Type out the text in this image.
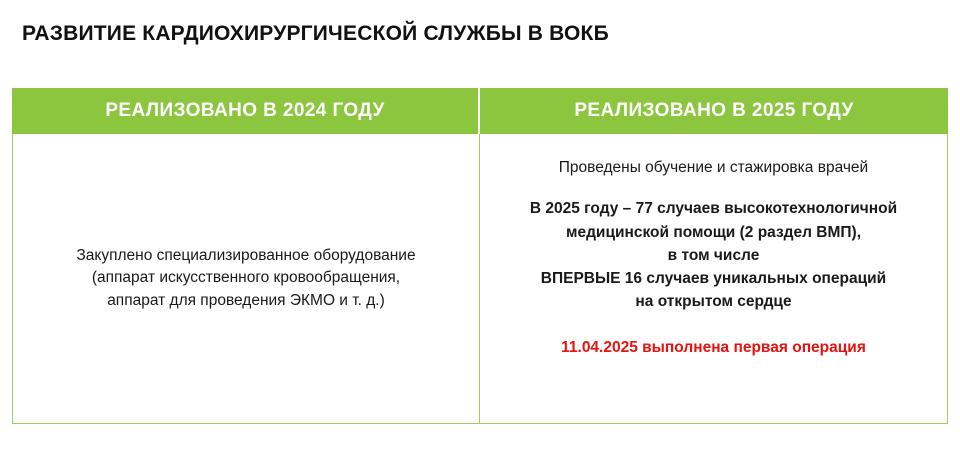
РАЗВИТИЕ КАРДИОХИРУРГИЧЕСКОЙ СЛУЖБЫ В ВОКБ
РЕАЛИЗОВАНО В 2024 ГОДУ	РЕАЛИЗОВАНО В 2025 ГОДУ
Закуплено специализированное оборудование
(аппарат искусственного кровообращения,
аппарат для проведения ЭКМО и т. д.)
Проведены обучение и стажировка врачей
В 2025 году – 77 случаев высокотехнологичной
медицинской помощи (2 раздел ВМП),
в том числе
ВПЕРВЫЕ 16 случаев уникальных операций
на открытом сердце
11.04.2025 выполнена первая операция
